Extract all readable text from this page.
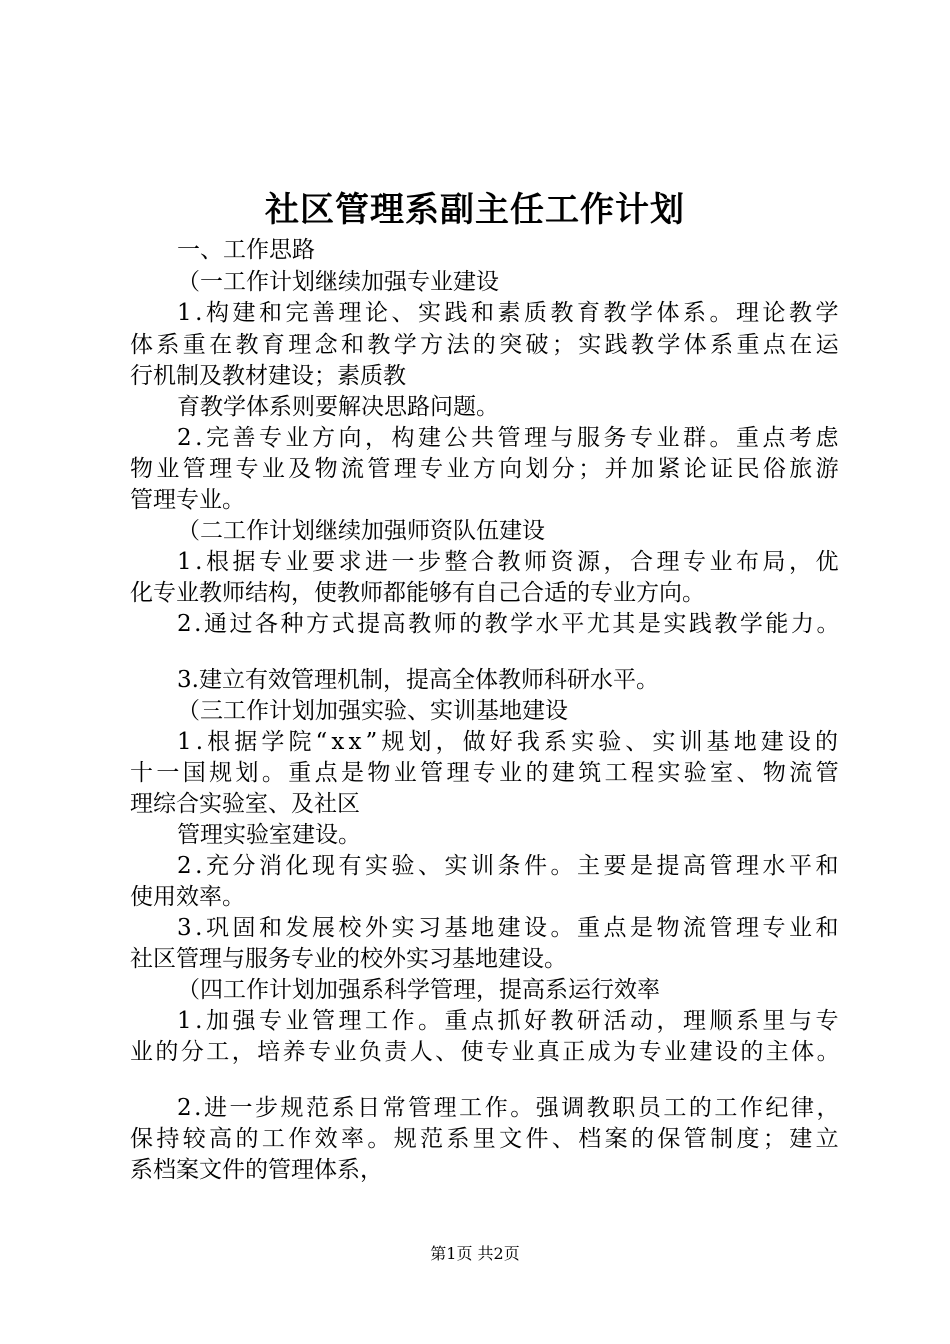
社区管理系副主任工作计划
一、工作思路
（一工作计划继续加强专业建设
1.构建和完善理论、实践和素质教育教学体系。理论教学
体系重在教育理念和教学方法的突破；实践教学体系重点在运
行机制及教材建设；素质教
育教学体系则要解决思路问题。
2.完善专业方向，构建公共管理与服务专业群。重点考虑
物业管理专业及物流管理专业方向划分；并加紧论证民俗旅游
管理专业。
（二工作计划继续加强师资队伍建设
1.根据专业要求进一步整合教师资源，合理专业布局，优
化专业教师结构，使教师都能够有自己合适的专业方向。
2.通过各种方式提高教师的教学水平尤其是实践教学能力。
3.建立有效管理机制，提高全体教师科研水平。
（三工作计划加强实验、实训基地建设
1.根据学院“xx”规划，做好我系实验、实训基地建设的
十一国规划。重点是物业管理专业的建筑工程实验室、物流管
理综合实验室、及社区
管理实验室建设。
2.充分消化现有实验、实训条件。主要是提高管理水平和
使用效率。
3.巩固和发展校外实习基地建设。重点是物流管理专业和
社区管理与服务专业的校外实习基地建设。
（四工作计划加强系科学管理，提高系运行效率
1.加强专业管理工作。重点抓好教研活动，理顺系里与专
业的分工，培养专业负责人、使专业真正成为专业建设的主体。
2.进一步规范系日常管理工作。强调教职员工的工作纪律，
保持较高的工作效率。规范系里文件、档案的保管制度；建立
系档案文件的管理体系，
第1页 共2页
